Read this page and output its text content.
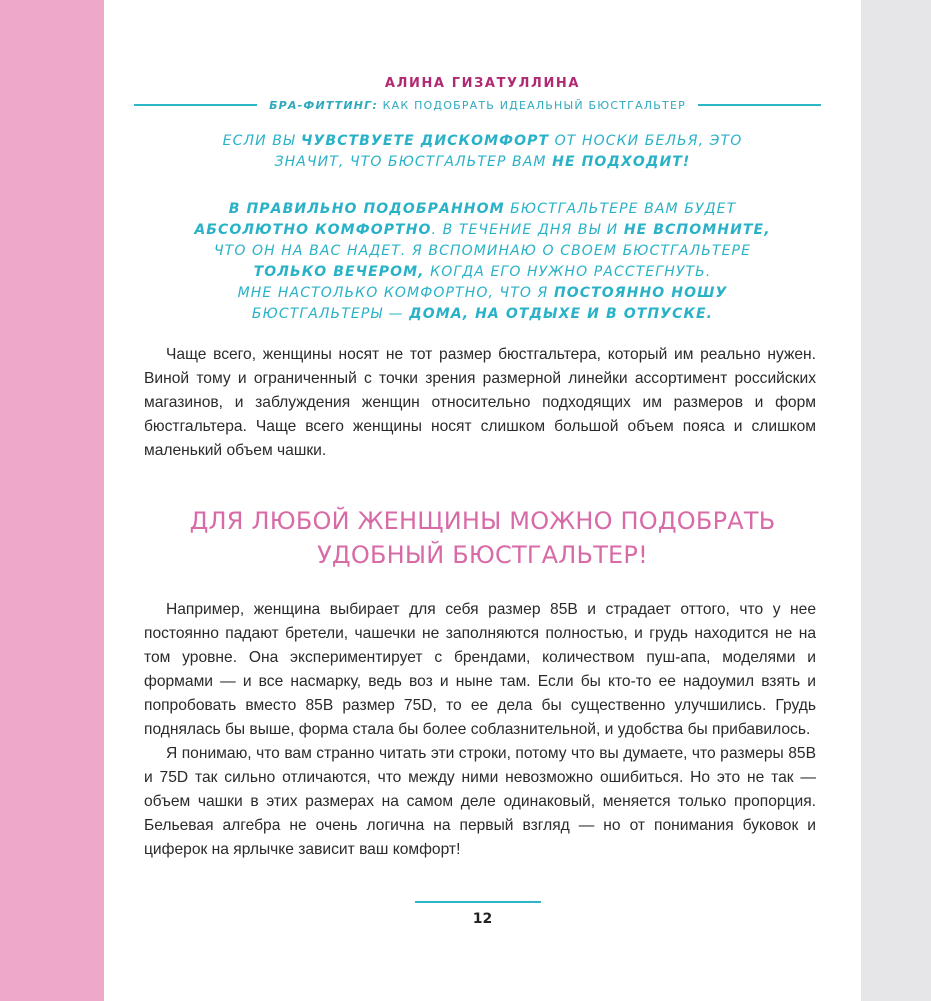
АЛИНА ГИЗАТУЛЛИНА
БРА-ФИТТИНГ: КАК ПОДОБРАТЬ ИДЕАЛЬНЫЙ БЮСТГАЛЬТЕР
ЕСЛИ ВЫ ЧУВСТВУЕТЕ ДИСКОМФОРТ ОТ НОСКИ БЕЛЬЯ, ЭТО
ЗНАЧИТ, ЧТО БЮСТГАЛЬТЕР ВАМ НЕ ПОДХОДИТ!
В ПРАВИЛЬНО ПОДОБРАННОМ БЮСТГАЛЬТЕРЕ ВАМ БУДЕТ
АБСОЛЮТНО КОМФОРТНО. В ТЕЧЕНИЕ ДНЯ ВЫ И НЕ ВСПОМНИТЕ,
ЧТО ОН НА ВАС НАДЕТ. Я ВСПОМИНАЮ О СВОЕМ БЮСТГАЛЬТЕРЕ
ТОЛЬКО ВЕЧЕРОМ, КОГДА ЕГО НУЖНО РАССТЕГНУТЬ.
МНЕ НАСТОЛЬКО КОМФОРТНО, ЧТО Я ПОСТОЯННО НОШУ
БЮСТГАЛЬТЕРЫ — ДОМА, НА ОТДЫХЕ И В ОТПУСКЕ.

Чаще всего, женщины носят не тот размер бюстгальтера, который им реально нужен. Виной тому и ограниченный с точки зрения размерной линейки ассортимент российских магазинов, и заблуждения женщин относительно подходящих им размеров и форм бюстгальтера. Чаще всего женщины носят слишком большой объем пояса и слишком маленький объем чашки.

ДЛЯ ЛЮБОЙ ЖЕНЩИНЫ МОЖНО ПОДОБРАТЬ
УДОБНЫЙ БЮСТГАЛЬТЕР!

Например, женщина выбирает для себя размер 85B и страдает оттого, что у нее постоянно падают бретели, чашечки не заполняются полностью, и грудь находится не на том уровне. Она экспериментирует с брендами, количеством пуш-апа, моделями и формами — и все насмарку, ведь воз и ныне там. Если бы кто-то ее надоумил взять и попробовать вместо 85B размер 75D, то ее дела бы существенно улучшились. Грудь поднялась бы выше, форма стала бы более соблазнительной, и удобства бы прибавилось.

Я понимаю, что вам странно читать эти строки, потому что вы думаете, что размеры 85B и 75D так сильно отличаются, что между ними невозможно ошибиться. Но это не так — объем чашки в этих размерах на самом деле одинаковый, меняется только пропорция. Бельевая алгебра не очень логична на первый взгляд — но от понимания буковок и циферок на ярлычке зависит ваш комфорт!

12
